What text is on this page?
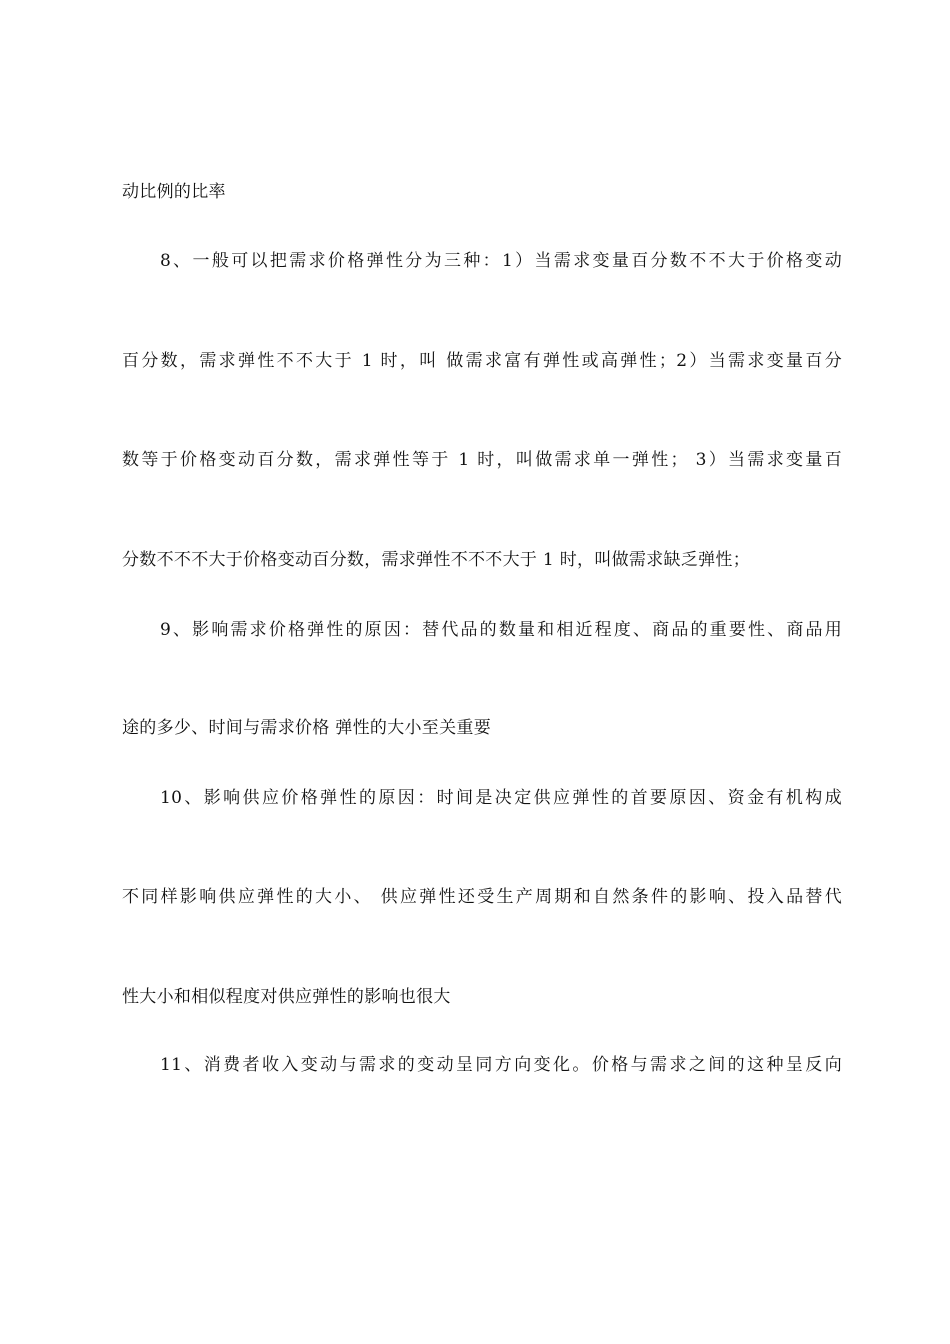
动比例的比率
8、一般可以把需求价格弹性分为三种：1）当需求变量百分数不不大于价格变动
百分数，需求弹性不不大于 1 时，叫 做需求富有弹性或高弹性；2）当需求变量百分
数等于价格变动百分数，需求弹性等于 1 时，叫做需求单一弹性； 3）当需求变量百
分数不不不大于价格变动百分数，需求弹性不不不大于 1 时，叫做需求缺乏弹性；
9、影响需求价格弹性的原因：替代品的数量和相近程度、商品的重要性、商品用
途的多少、时间与需求价格 弹性的大小至关重要
10、影响供应价格弹性的原因：时间是决定供应弹性的首要原因、资金有机构成
不同样影响供应弹性的大小、 供应弹性还受生产周期和自然条件的影响、投入品替代
性大小和相似程度对供应弹性的影响也很大
11、消费者收入变动与需求的变动呈同方向变化。价格与需求之间的这种呈反向
